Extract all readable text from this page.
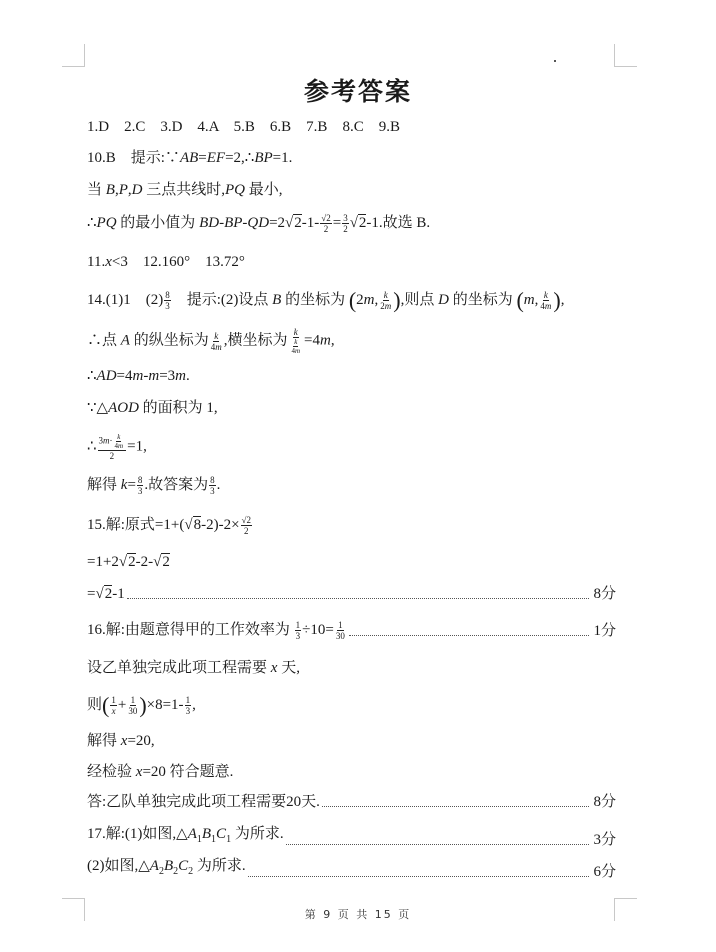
参考答案
1.D　2.C　3.D　4.A　5.B　6.B　7.B　8.C　9.B
10.B　提示:∵AB=EF=2,∴BP=1.
当 B,P,D 三点共线时,PQ 最小,
∴PQ 的最小值为 $BD-BP-QD=2√2-1- \frac{√2}{2} = \frac{3}{2} √2-1$.故选 B.
11.x<3　12.160°　13.72°
14.(1)1　$(2) \frac{8}{3}$ 　提示:(2)设点 B 的坐标为 (2m, $\frac{k}{2m}$ ),则点 D 的坐标为 (m, $\frac{k}{4m}$ ),
∴点 A 的纵坐标为 $\frac{k}{4m}$ ,横坐标为 $\frac{k}{\frac{k}{4m}} =4m$,
∴AD=4m-m=3m.
∵△AOD 的面积为 1,
∴ $\frac{3m\cdot \frac{k}{4m}}{2} =1$,
解得 $k= \frac{8}{3}$ .故答案为 $\frac{8}{3}$ .
15.解:原式$=1+(√8-2)-2\times \frac{√2}{2}$
=1+2√2-2-√2
=√2-1	8分
16.解:由题意得甲的工作效率为 $\frac{1}{3} \div 10= \frac{1}{30}$	1分
设乙单独完成此项工程需要 x 天,
则( $\frac{1}{x} + \frac{1}{30} )\times 8=1- \frac{1}{3}$ ,
解得 x=20,
经检验 x=20 符合题意.
答:乙队单独完成此项工程需要20天.	8分
17.解:(1)如图$,\triangle A_1B_1C_1$ 为所求.	3分
(2)如图$,\triangle A_2B_2C_2$ 为所求.	6分
第 9 页 共 15 页
